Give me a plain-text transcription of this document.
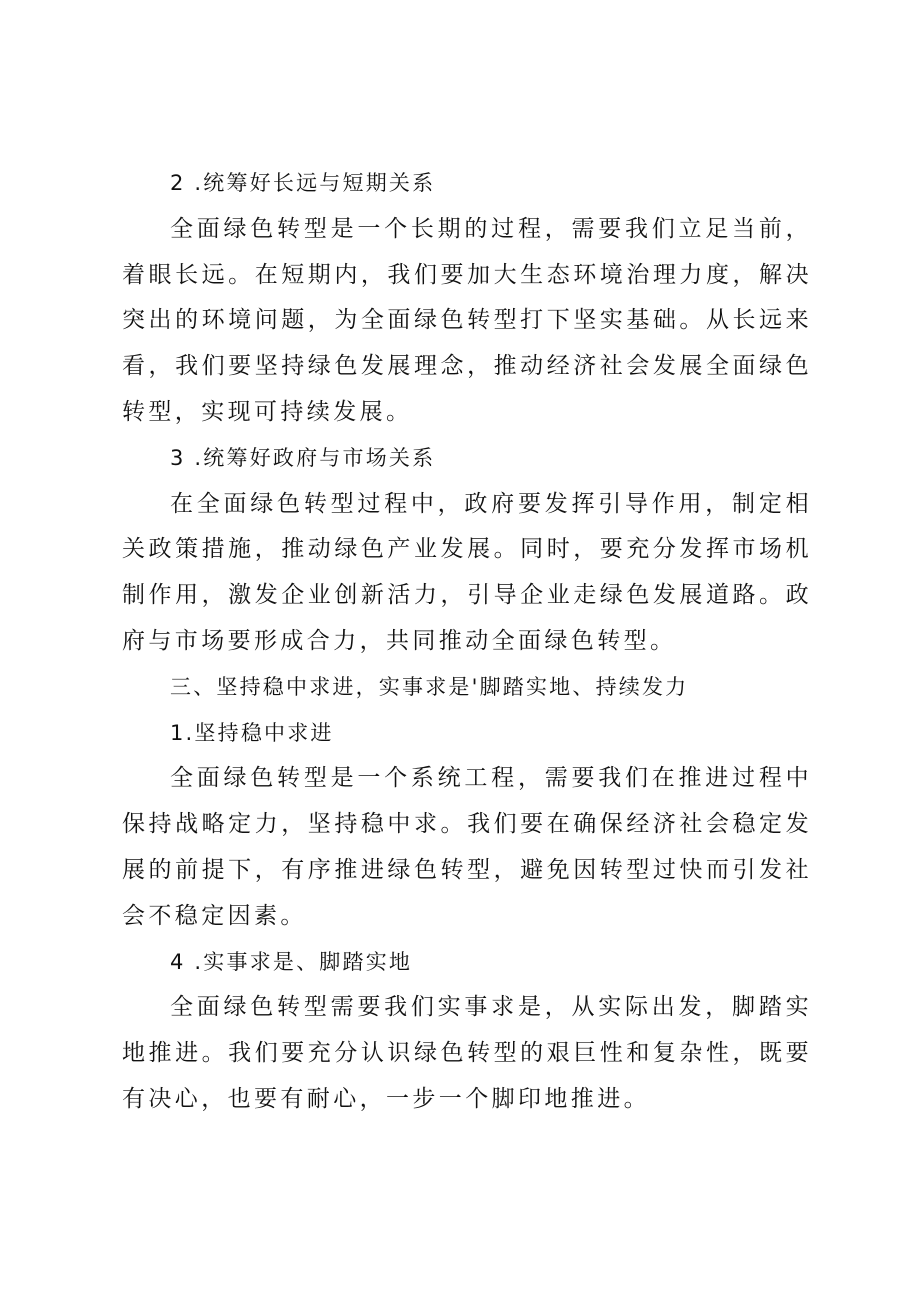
2 .统筹好长远与短期关系

全面绿色转型是一个长期的过程，需要我们立足当前，着眼长远。在短期内，我们要加大生态环境治理力度，解决突出的环境问题，为全面绿色转型打下坚实基础。从长远来看，我们要坚持绿色发展理念，推动经济社会发展全面绿色转型，实现可持续发展。

3 .统筹好政府与市场关系

在全面绿色转型过程中，政府要发挥引导作用，制定相关政策措施，推动绿色产业发展。同时，要充分发挥市场机制作用，激发企业创新活力，引导企业走绿色发展道路。政府与市场要形成合力，共同推动全面绿色转型。

三、坚持稳中求进，实事求是'脚踏实地、持续发力

1.坚持稳中求进

全面绿色转型是一个系统工程，需要我们在推进过程中保持战略定力，坚持稳中求。我们要在确保经济社会稳定发展的前提下，有序推进绿色转型，避免因转型过快而引发社会不稳定因素。

4 .实事求是、脚踏实地

全面绿色转型需要我们实事求是，从实际出发，脚踏实地推进。我们要充分认识绿色转型的艰巨性和复杂性，既要有决心，也要有耐心，一步一个脚印地推进。
